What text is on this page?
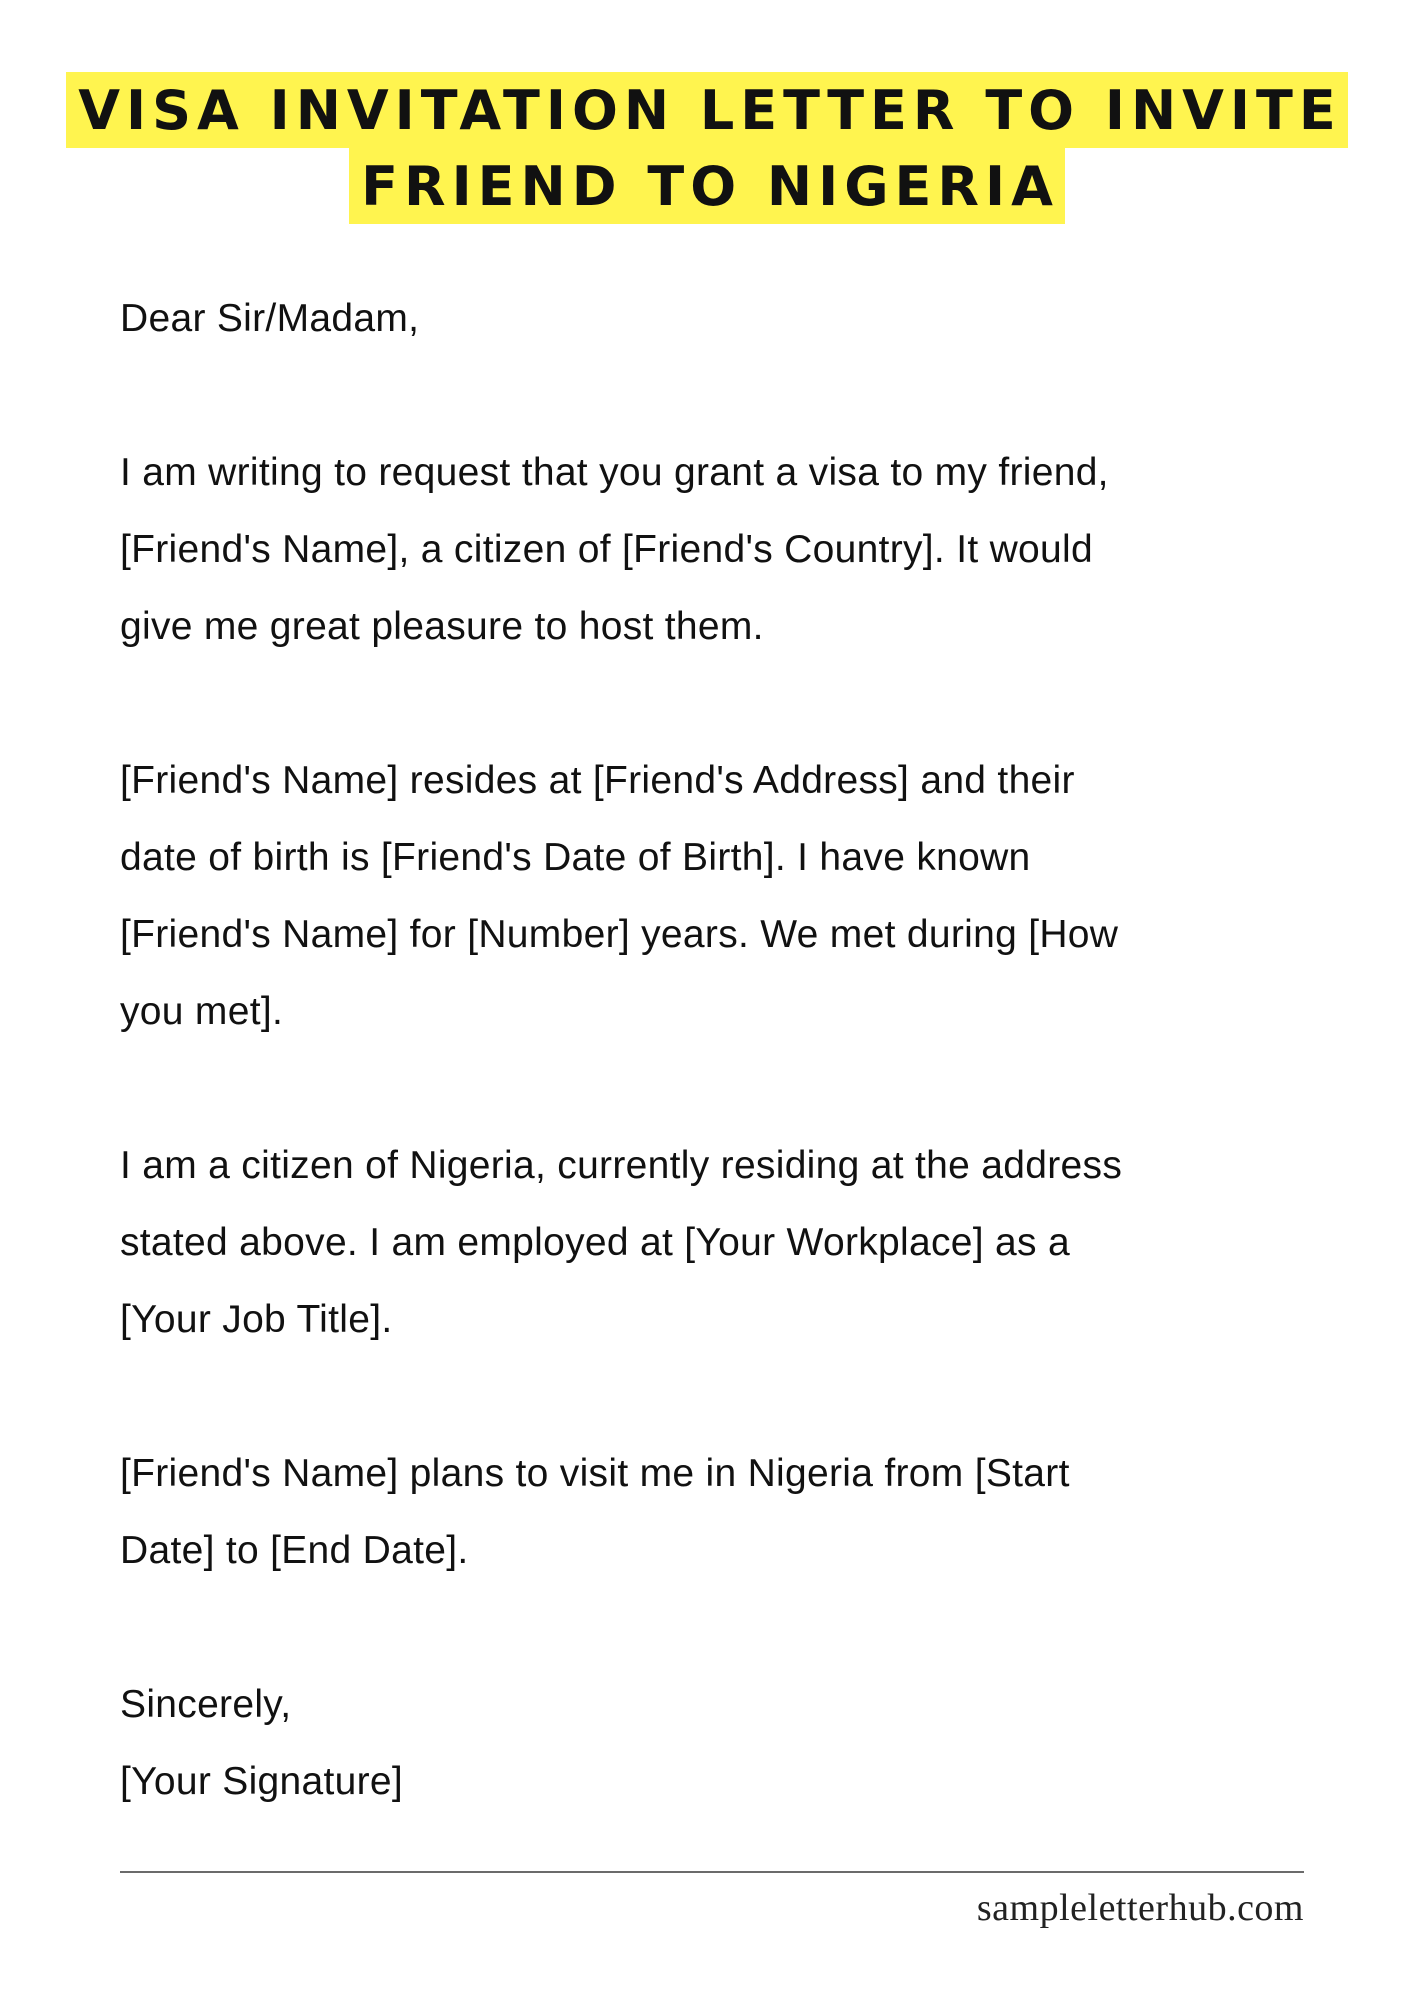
VISA INVITATION LETTER TO INVITE
FRIEND TO NIGERIA

Dear Sir/Madam,

I am writing to request that you grant a visa to my friend,
[Friend's Name], a citizen of [Friend's Country]. It would
give me great pleasure to host them.

[Friend's Name] resides at [Friend's Address] and their
date of birth is [Friend's Date of Birth]. I have known
[Friend's Name] for [Number] years. We met during [How
you met].

I am a citizen of Nigeria, currently residing at the address
stated above. I am employed at [Your Workplace] as a
[Your Job Title].

[Friend's Name] plans to visit me in Nigeria from [Start
Date] to [End Date].

Sincerely,
[Your Signature]

sampleletterhub.com
